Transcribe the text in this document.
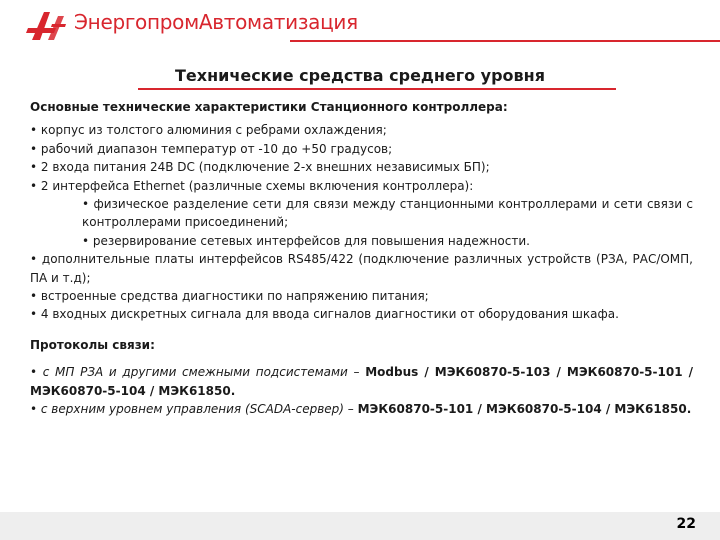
ЭнергопромАвтоматизация
Технические средства среднего уровня

Основные технические характеристики Станционного контроллера:

• корпус из толстого алюминия с ребрами охлаждения;

• рабочий диапазон температур от -10 до +50 градусов;

• 2 входа питания 24В DC (подключение 2-х внешних независимых БП);

• 2 интерфейса Ethernet (различные схемы включения контроллера):

• физическое разделение сети для связи между станционными контроллерами и сети связи с контроллерами присоединений;

• резервирование сетевых интерфейсов для повышения надежности.

• дополнительные платы интерфейсов RS485/422 (подключение различных устройств (РЗА, РАС/ОМП, ПА и т.д);

• встроенные средства диагностики по напряжению питания;

• 4 входных дискретных сигнала для ввода сигналов диагностики от оборудования шкафа.

Протоколы связи:

• с МП РЗА и другими смежными подсистемами – Modbus / МЭК60870-5-103 / МЭК60870-5-101 / МЭК60870-5-104 / МЭК61850.

• с верхним уровнем управления (SCADA-сервер) – МЭК60870-5-101 / МЭК60870-5-104 / МЭК61850.

22
